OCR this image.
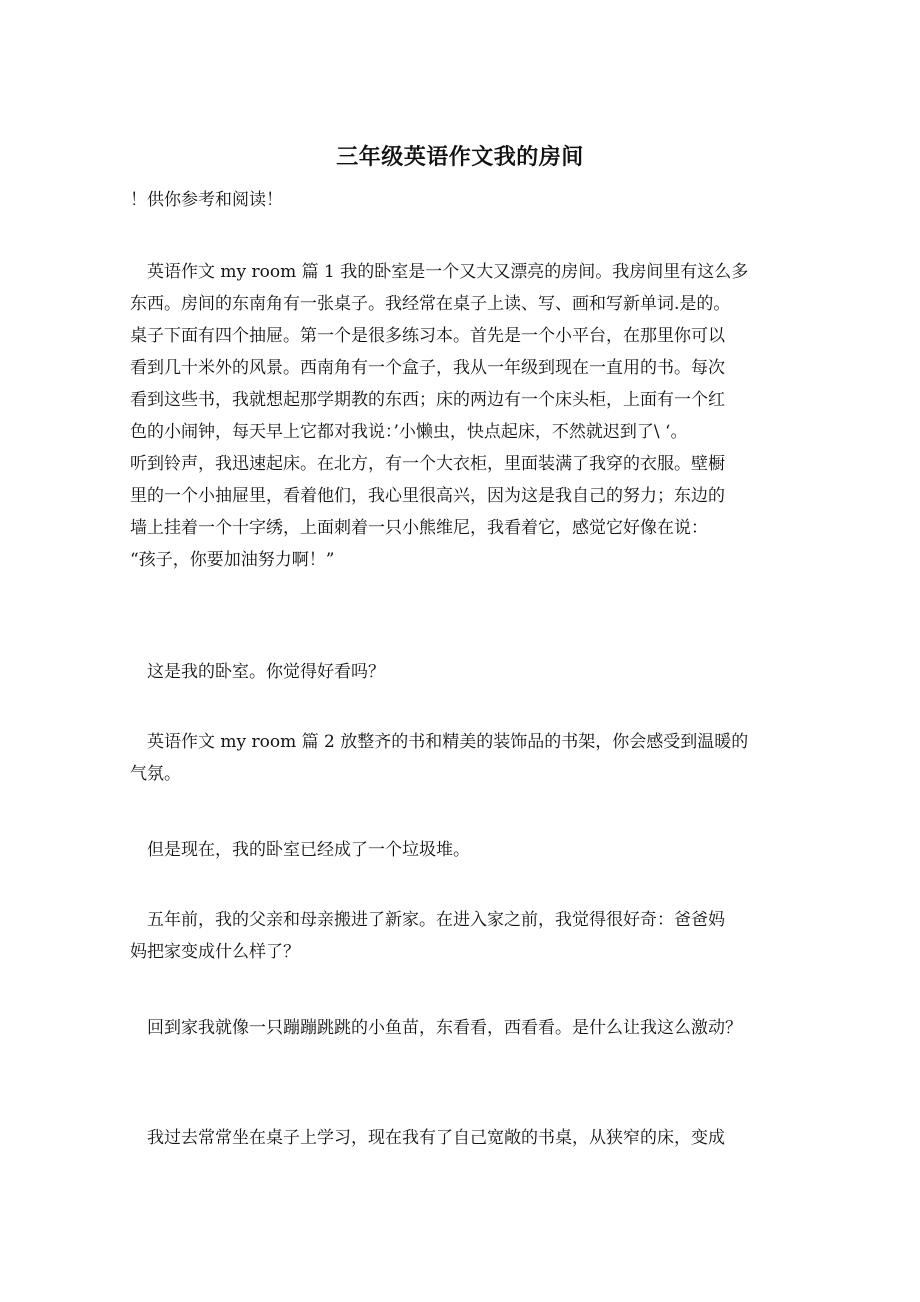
三年级英语作文我的房间
！供你参考和阅读！
　英语作文 my room 篇 1 我的卧室是一个又大又漂亮的房间。我房间里有这么多
东西。房间的东南角有一张桌子。我经常在桌子上读、写、画和写新单词.是的。
桌子下面有四个抽屉。第一个是很多练习本。首先是一个小平台，在那里你可以
看到几十米外的风景。西南角有一个盒子，我从一年级到现在一直用的书。每次
看到这些书，我就想起那学期教的东西；床的两边有一个床头柜，上面有一个红
色的小闹钟，每天早上它都对我说：’小懒虫，快点起床，不然就迟到了\ ‘。
听到铃声，我迅速起床。在北方，有一个大衣柜，里面装满了我穿的衣服。壁橱
里的一个小抽屉里，看着他们，我心里很高兴，因为这是我自己的努力；东边的
墙上挂着一个十字绣，上面刺着一只小熊维尼，我看着它，感觉它好像在说：
“孩子，你要加油努力啊！”
　这是我的卧室。你觉得好看吗？
　英语作文 my room 篇 2 放整齐的书和精美的装饰品的书架，你会感受到温暖的
气氛。
　但是现在，我的卧室已经成了一个垃圾堆。
　五年前，我的父亲和母亲搬进了新家。在进入家之前，我觉得很好奇：爸爸妈
妈把家变成什么样了？
　回到家我就像一只蹦蹦跳跳的小鱼苗，东看看，西看看。是什么让我这么激动？
　我过去常常坐在桌子上学习，现在我有了自己宽敞的书桌，从狭窄的床，变成
